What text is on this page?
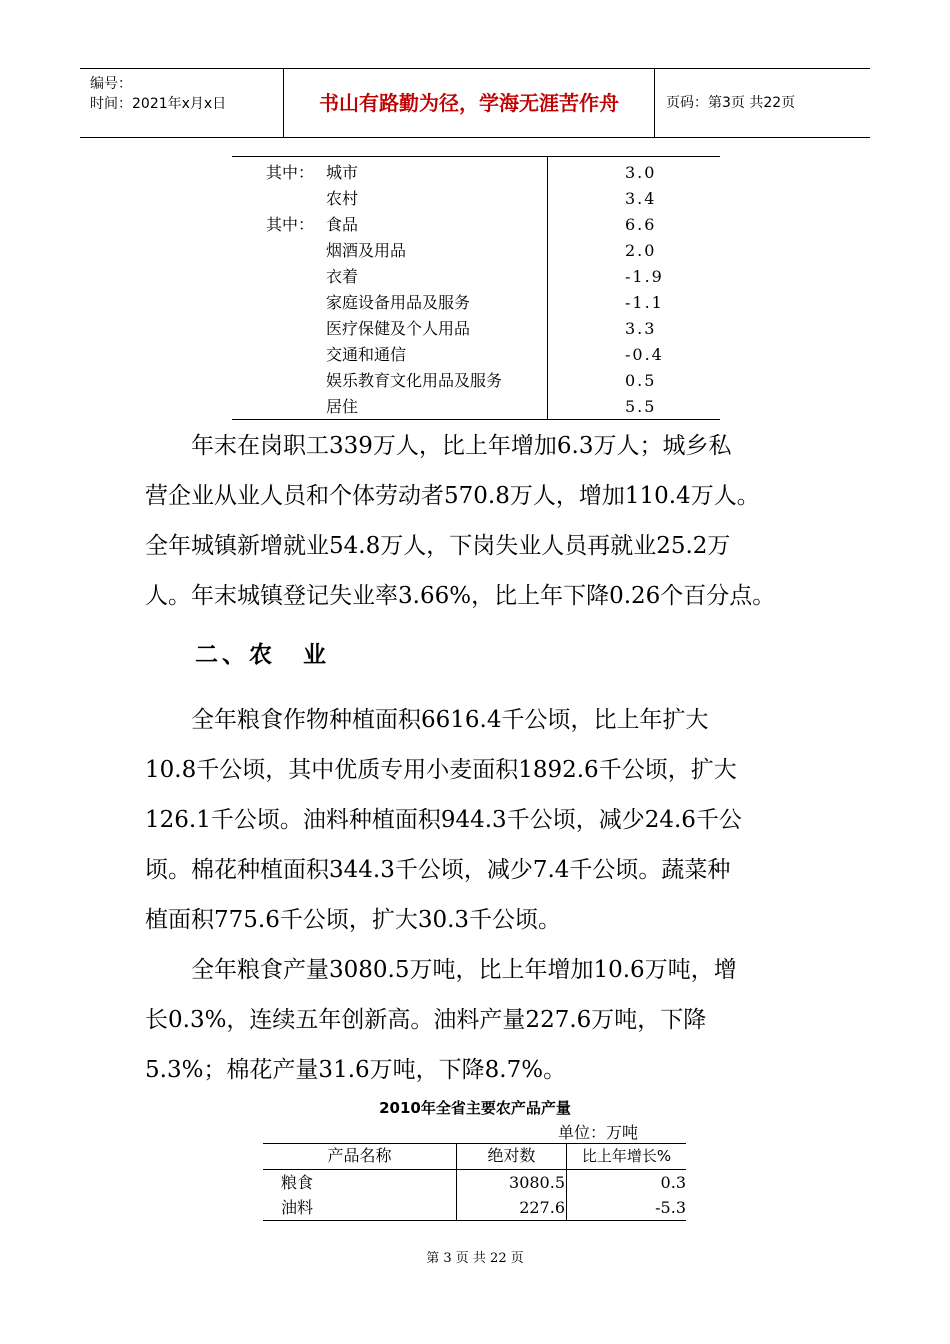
编号：
时间：2021年x月x日	书山有路勤为径，学海无涯苦作舟	页码：第3页 共22页
其中： 城市	3.0
农村	3.4
其中： 食品	6.6
烟酒及用品	2.0
衣着	-1.9
家庭设备用品及服务	-1.1
医疗保健及个人用品	3.3
交通和通信	-0.4
娱乐教育文化用品及服务	0.5
居住	5.5
　　年末在岗职工339万人，比上年增加6.3万人；城乡私
营企业从业人员和个体劳动者570.8万人，增加110.4万人。
全年城镇新增就业54.8万人，下岗失业人员再就业25.2万
人。年末城镇登记失业率3.66%，比上年下降0.26个百分点。
二、农　业
　　全年粮食作物种植面积6616.4千公顷，比上年扩大
10.8千公顷，其中优质专用小麦面积1892.6千公顷，扩大
126.1千公顷。油料种植面积944.3千公顷，减少24.6千公
顷。棉花种植面积344.3千公顷，减少7.4千公顷。蔬菜种
植面积775.6千公顷，扩大30.3千公顷。
　　全年粮食产量3080.5万吨，比上年增加10.6万吨，增
长0.3%，连续五年创新高。油料产量227.6万吨，下降
5.3%；棉花产量31.6万吨，下降8.7%。
2010年全省主要农产品产量
单位：万吨
产品名称	绝对数	比上年增长%
粮食	3080.5	0.3
油料	227.6	-5.3
第 3 页 共 22 页
